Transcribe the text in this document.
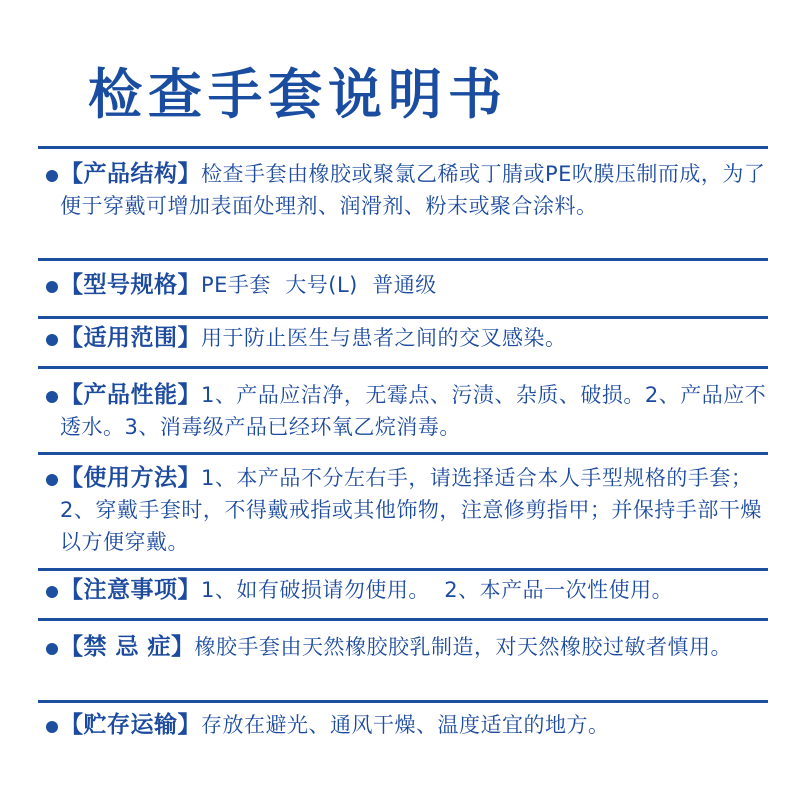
检查手套说明书
【产品结构】检查手套由橡胶或聚氯乙稀或丁腈或PE吹膜压制而成，为了便于穿戴可增加表面处理剂、润滑剂、粉末或聚合涂料。
【型号规格】PE手套  大号(L)  普通级
【适用范围】用于防止医生与患者之间的交叉感染。
【产品性能】1、产品应洁净，无霉点、污渍、杂质、破损。2、产品应不透水。3、消毒级产品已经环氧乙烷消毒。
【使用方法】1、本产品不分左右手，请选择适合本人手型规格的手套；2、穿戴手套时，不得戴戒指或其他饰物，注意修剪指甲；并保持手部干燥以方便穿戴。
【注意事项】1、如有破损请勿使用。  2、本产品一次性使用。
【禁 忌 症】橡胶手套由天然橡胶胶乳制造，对天然橡胶过敏者慎用。
【贮存运输】存放在避光、通风干燥、温度适宜的地方。
